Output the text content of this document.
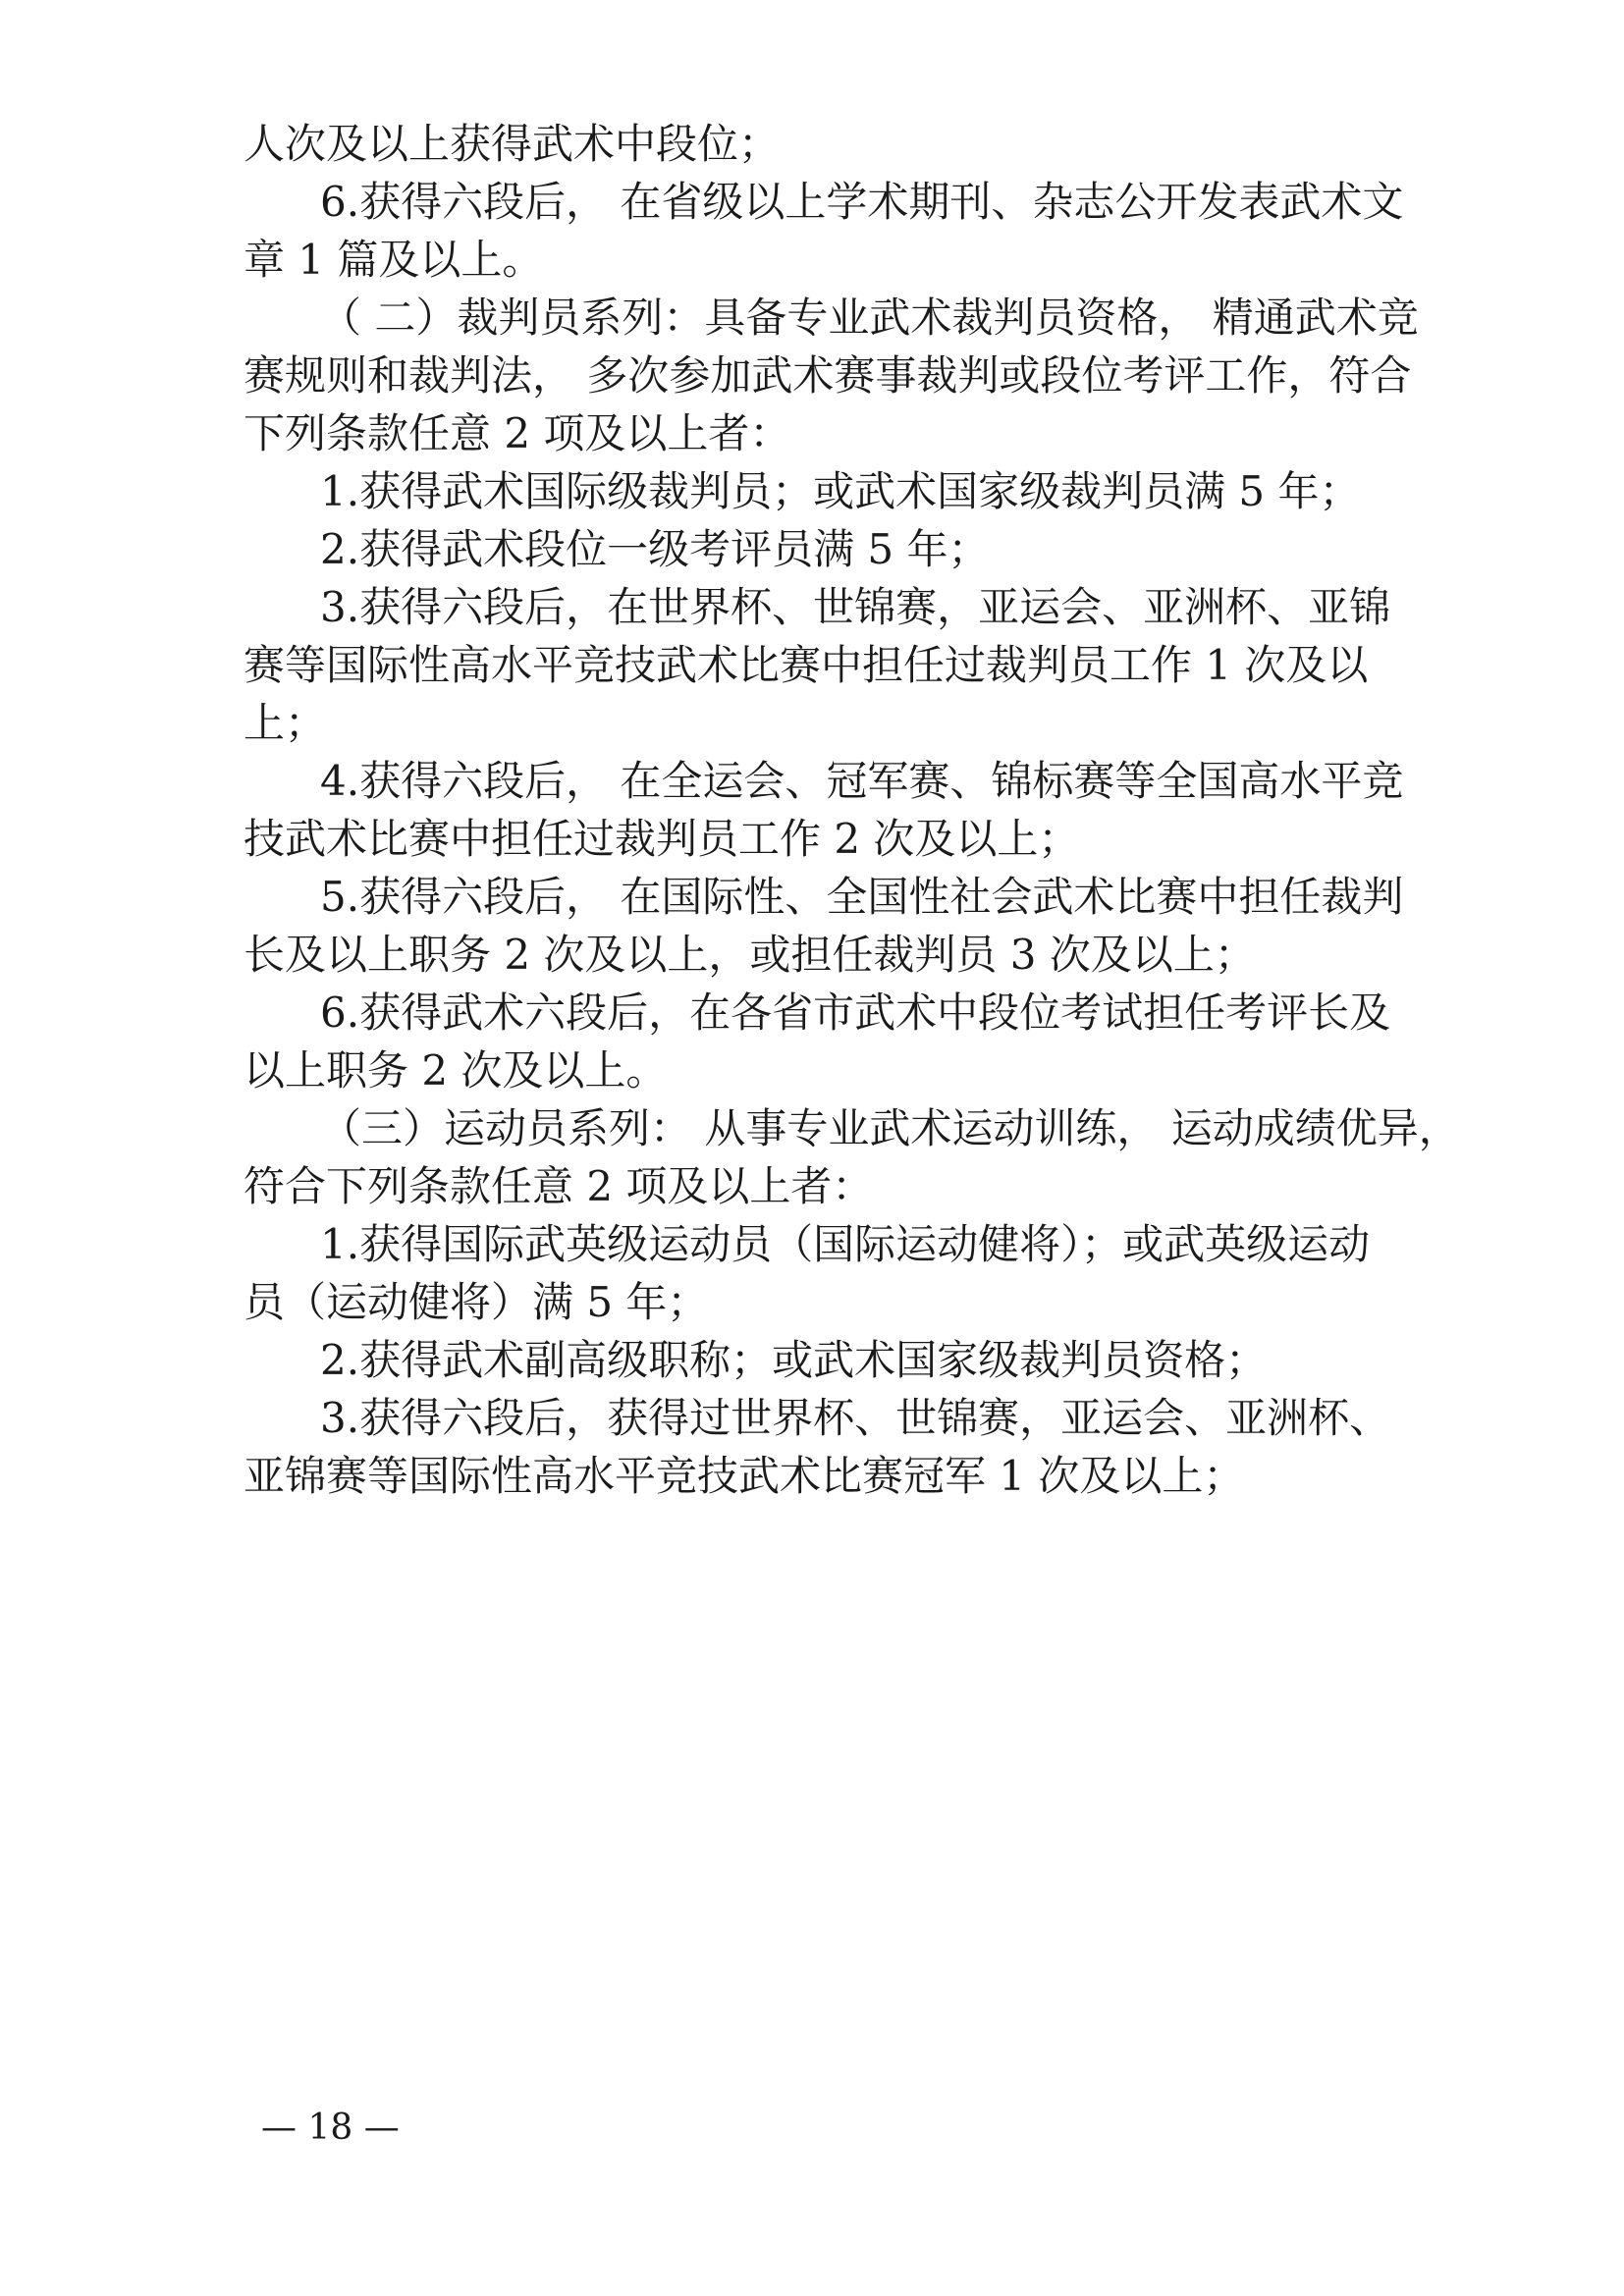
人次及以上获得武术中段位；
6.获得六段后， 在省级以上学术期刊、杂志公开发表武术文
章 1 篇及以上。
（ 二）裁判员系列：具备专业武术裁判员资格， 精通武术竞
赛规则和裁判法， 多次参加武术赛事裁判或段位考评工作，符合
下列条款任意 2 项及以上者：
1.获得武术国际级裁判员；或武术国家级裁判员满 5 年；
2.获得武术段位一级考评员满 5 年；
3.获得六段后，在世界杯、世锦赛，亚运会、亚洲杯、亚锦
赛等国际性高水平竞技武术比赛中担任过裁判员工作 1 次及以
上；
4.获得六段后， 在全运会、冠军赛、锦标赛等全国高水平竞
技武术比赛中担任过裁判员工作 2 次及以上；
5.获得六段后， 在国际性、全国性社会武术比赛中担任裁判
长及以上职务 2 次及以上，或担任裁判员 3 次及以上；
6.获得武术六段后，在各省市武术中段位考试担任考评长及
以上职务 2 次及以上。
（三）运动员系列： 从事专业武术运动训练， 运动成绩优异，
符合下列条款任意 2 项及以上者：
1.获得国际武英级运动员（国际运动健将）；或武英级运动
员（运动健将）满 5 年；
2.获得武术副高级职称；或武术国家级裁判员资格；
3.获得六段后，获得过世界杯、世锦赛，亚运会、亚洲杯、
亚锦赛等国际性高水平竞技武术比赛冠军 1 次及以上；
— 18 —
